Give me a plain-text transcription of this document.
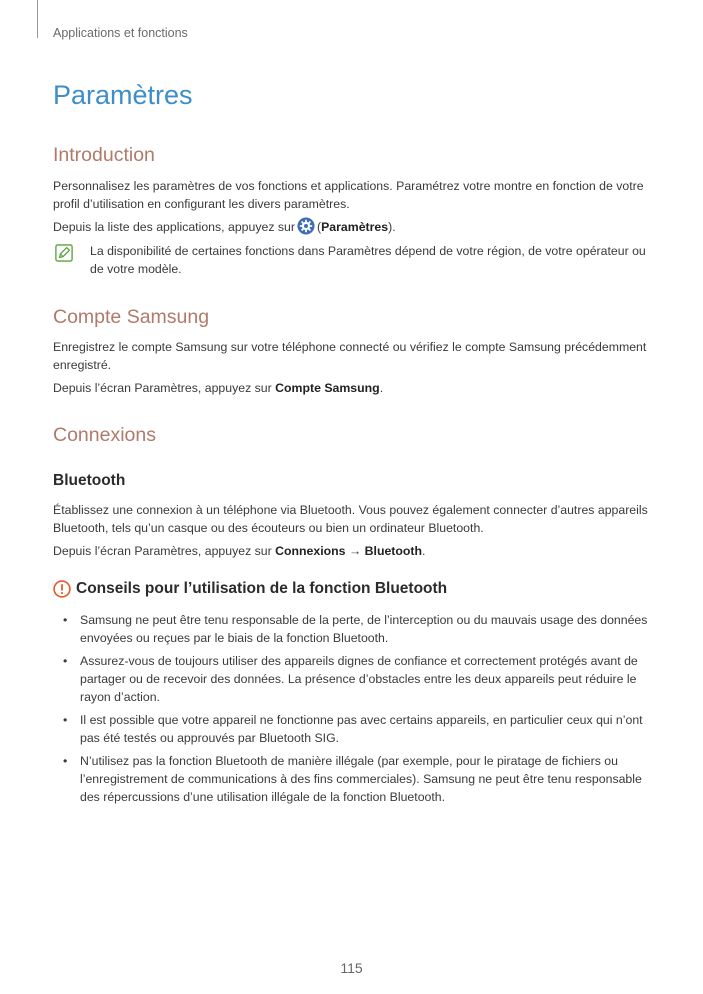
Applications et fonctions
Paramètres
Introduction

Personnalisez les paramètres de vos fonctions et applications. Paramétrez votre montre en fonction de votre profil d’utilisation en configurant les divers paramètres.

Depuis la liste des applications, appuyez sur (Paramètres).

La disponibilité de certaines fonctions dans Paramètres dépend de votre région, de votre opérateur ou de votre modèle.

Compte Samsung

Enregistrez le compte Samsung sur votre téléphone connecté ou vérifiez le compte Samsung précédemment enregistré.

Depuis l’écran Paramètres, appuyez sur Compte Samsung.

Connexions
Bluetooth

Établissez une connexion à un téléphone via Bluetooth. Vous pouvez également connecter d’autres appareils Bluetooth, tels qu’un casque ou des écouteurs ou bien un ordinateur Bluetooth.

Depuis l’écran Paramètres, appuyez sur Connexions → Bluetooth.

Conseils pour l’utilisation de la fonction Bluetooth
• Samsung ne peut être tenu responsable de la perte, de l’interception ou du mauvais usage des données envoyées ou reçues par le biais de la fonction Bluetooth.
• Assurez-vous de toujours utiliser des appareils dignes de confiance et correctement protégés avant de partager ou de recevoir des données. La présence d’obstacles entre les deux appareils peut réduire le rayon d’action.
• Il est possible que votre appareil ne fonctionne pas avec certains appareils, en particulier ceux qui n’ont pas été testés ou approuvés par Bluetooth SIG.
• N’utilisez pas la fonction Bluetooth de manière illégale (par exemple, pour le piratage de fichiers ou l’enregistrement de communications à des fins commerciales). Samsung ne peut être tenu responsable des répercussions d’une utilisation illégale de la fonction Bluetooth.
115
